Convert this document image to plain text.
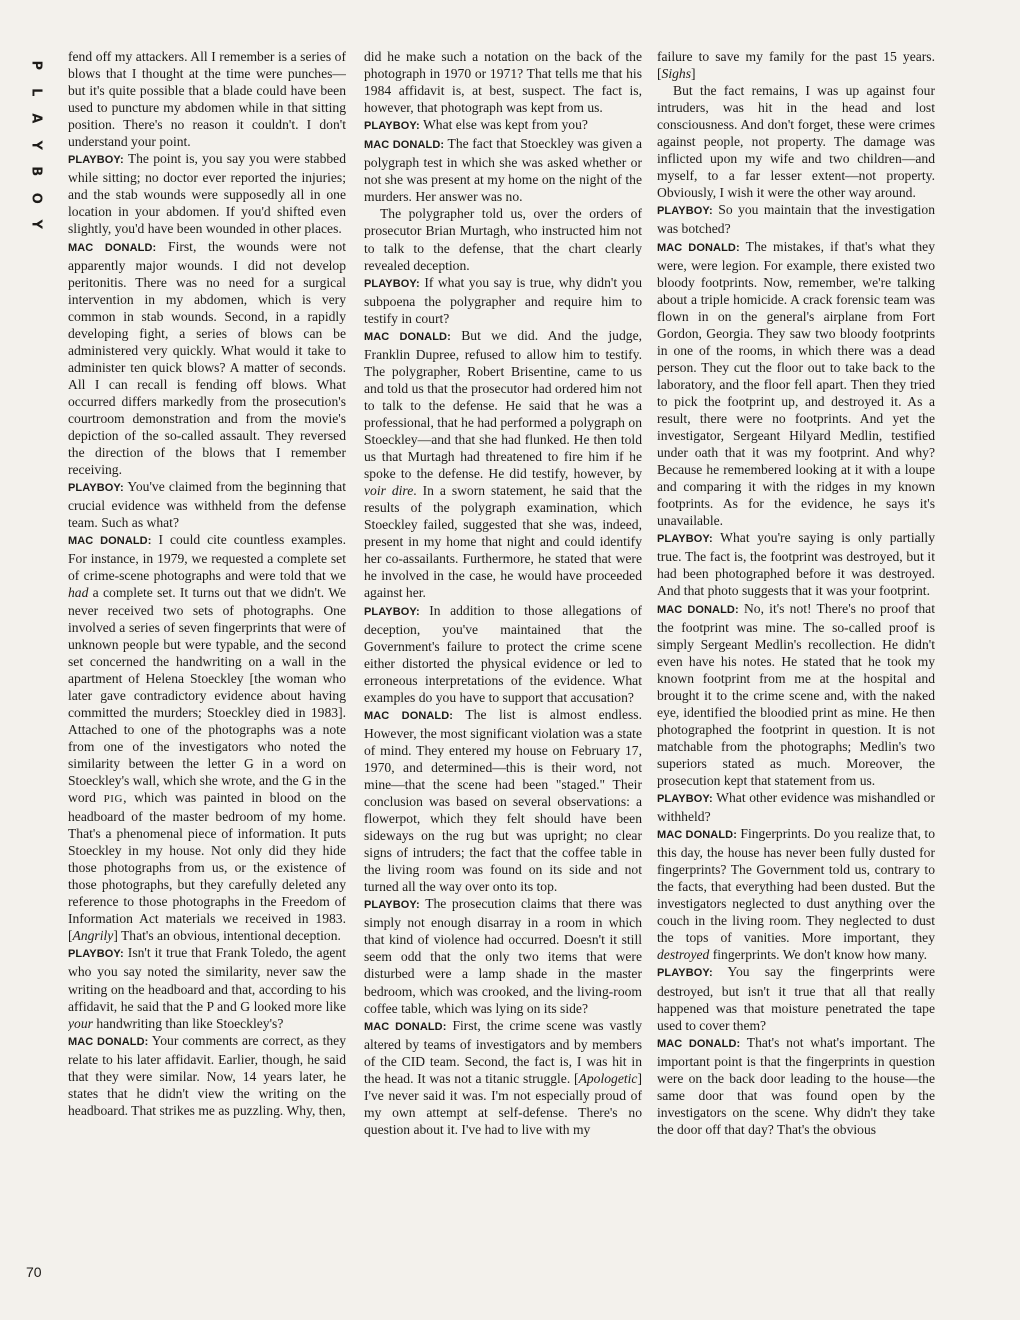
P
L
A
Y
B
O
Y

fend off my attackers. All I remember is a series of blows that I thought at the time were punches—but it's quite possible that a blade could have been used to puncture my abdomen while in that sitting position. There's no reason it couldn't. I don't understand your point.

PLAYBOY: The point is, you say you were stabbed while sitting; no doctor ever reported the injuries; and the stab wounds were supposedly all in one location in your abdomen. If you'd shifted even slightly, you'd have been wounded in other places.

MAC DONALD: First, the wounds were not apparently major wounds. I did not develop peritonitis. There was no need for a surgical intervention in my abdomen, which is very common in stab wounds. Second, in a rapidly developing fight, a series of blows can be administered very quickly. What would it take to administer ten quick blows? A matter of seconds. All I can recall is fending off blows. What occurred differs markedly from the prosecution's courtroom demonstration and from the movie's depiction of the so-called assault. They reversed the direction of the blows that I remember receiving.

PLAYBOY: You've claimed from the beginning that crucial evidence was withheld from the defense team. Such as what?

MAC DONALD: I could cite countless examples. For instance, in 1979, we requested a complete set of crime-scene photographs and were told that we had a complete set. It turns out that we didn't. We never received two sets of photographs. One involved a series of seven fingerprints that were of unknown people but were typable, and the second set concerned the handwriting on a wall in the apartment of Helena Stoeckley [the woman who later gave contradictory evidence about having committed the murders; Stoeckley died in 1983]. Attached to one of the photographs was a note from one of the investigators who noted the similarity between the letter G in a word on Stoeckley's wall, which she wrote, and the G in the word PIG, which was painted in blood on the headboard of the master bedroom of my home. That's a phenomenal piece of information. It puts Stoeckley in my house. Not only did they hide those photographs from us, or the existence of those photographs, but they carefully deleted any reference to those photographs in the Freedom of Information Act materials we received in 1983. [Angrily] That's an obvious, intentional deception.

PLAYBOY: Isn't it true that Frank Toledo, the agent who you say noted the similarity, never saw the writing on the headboard and that, according to his affidavit, he said that the P and G looked more like your handwriting than like Stoeckley's?

MAC DONALD: Your comments are correct, as they relate to his later affidavit. Earlier, though, he said that they were similar. Now, 14 years later, he states that he didn't view the writing on the headboard. That strikes me as puzzling. Why, then,

did he make such a notation on the back of the photograph in 1970 or 1971? That tells me that his 1984 affidavit is, at best, suspect. The fact is, however, that photograph was kept from us.

PLAYBOY: What else was kept from you?

MAC DONALD: The fact that Stoeckley was given a polygraph test in which she was asked whether or not she was present at my home on the night of the murders. Her answer was no.

The polygrapher told us, over the orders of prosecutor Brian Murtagh, who instructed him not to talk to the defense, that the chart clearly revealed deception.

PLAYBOY: If what you say is true, why didn't you subpoena the polygrapher and require him to testify in court?

MAC DONALD: But we did. And the judge, Franklin Dupree, refused to allow him to testify. The polygrapher, Robert Brisentine, came to us and told us that the prosecutor had ordered him not to talk to the defense. He said that he was a professional, that he had performed a polygraph on Stoeckley—and that she had flunked. He then told us that Murtagh had threatened to fire him if he spoke to the defense. He did testify, however, by voir dire. In a sworn statement, he said that the results of the polygraph examination, which Stoeckley failed, suggested that she was, indeed, present in my home that night and could identify her co-assailants. Furthermore, he stated that were he involved in the case, he would have proceeded against her.

PLAYBOY: In addition to those allegations of deception, you've maintained that the Government's failure to protect the crime scene either distorted the physical evidence or led to erroneous interpretations of the evidence. What examples do you have to support that accusation?

MAC DONALD: The list is almost endless. However, the most significant violation was a state of mind. They entered my house on February 17, 1970, and determined—this is their word, not mine—that the scene had been "staged." Their conclusion was based on several observations: a flowerpot, which they felt should have been sideways on the rug but was upright; no clear signs of intruders; the fact that the coffee table in the living room was found on its side and not turned all the way over onto its top.

PLAYBOY: The prosecution claims that there was simply not enough disarray in a room in which that kind of violence had occurred. Doesn't it still seem odd that the only two items that were disturbed were a lamp shade in the master bedroom, which was crooked, and the living-room coffee table, which was lying on its side?

MAC DONALD: First, the crime scene was vastly altered by teams of investigators and by members of the CID team. Second, the fact is, I was hit in the head. It was not a titanic struggle. [Apologetic] I've never said it was. I'm not especially proud of my own attempt at self-defense. There's no question about it. I've had to live with my

failure to save my family for the past 15 years. [Sighs]

But the fact remains, I was up against four intruders, was hit in the head and lost consciousness. And don't forget, these were crimes against people, not property. The damage was inflicted upon my wife and two children—and myself, to a far lesser extent—not property. Obviously, I wish it were the other way around.

PLAYBOY: So you maintain that the investigation was botched?

MAC DONALD: The mistakes, if that's what they were, were legion. For example, there existed two bloody footprints. Now, remember, we're talking about a triple homicide. A crack forensic team was flown in on the general's airplane from Fort Gordon, Georgia. They saw two bloody footprints in one of the rooms, in which there was a dead person. They cut the floor out to take back to the laboratory, and the floor fell apart. Then they tried to pick the footprint up, and destroyed it. As a result, there were no footprints. And yet the investigator, Sergeant Hilyard Medlin, testified under oath that it was my footprint. And why? Because he remembered looking at it with a loupe and comparing it with the ridges in my known footprints. As for the evidence, he says it's unavailable.

PLAYBOY: What you're saying is only partially true. The fact is, the footprint was destroyed, but it had been photographed before it was destroyed. And that photo suggests that it was your footprint.

MAC DONALD: No, it's not! There's no proof that the footprint was mine. The so-called proof is simply Sergeant Medlin's recollection. He didn't even have his notes. He stated that he took my known footprint from me at the hospital and brought it to the crime scene and, with the naked eye, identified the bloodied print as mine. He then photographed the footprint in question. It is not matchable from the photographs; Medlin's two superiors stated as much. Moreover, the prosecution kept that statement from us.

PLAYBOY: What other evidence was mishandled or withheld?

MAC DONALD: Fingerprints. Do you realize that, to this day, the house has never been fully dusted for fingerprints? The Government told us, contrary to the facts, that everything had been dusted. But the investigators neglected to dust anything over the couch in the living room. They neglected to dust the tops of vanities. More important, they destroyed fingerprints. We don't know how many.

PLAYBOY: You say the fingerprints were destroyed, but isn't it true that all that really happened was that moisture penetrated the tape used to cover them?

MAC DONALD: That's not what's important. The important point is that the fingerprints in question were on the back door leading to the house—the same door that was found open by the investigators on the scene. Why didn't they take the door off that day? That's the obvious

70
